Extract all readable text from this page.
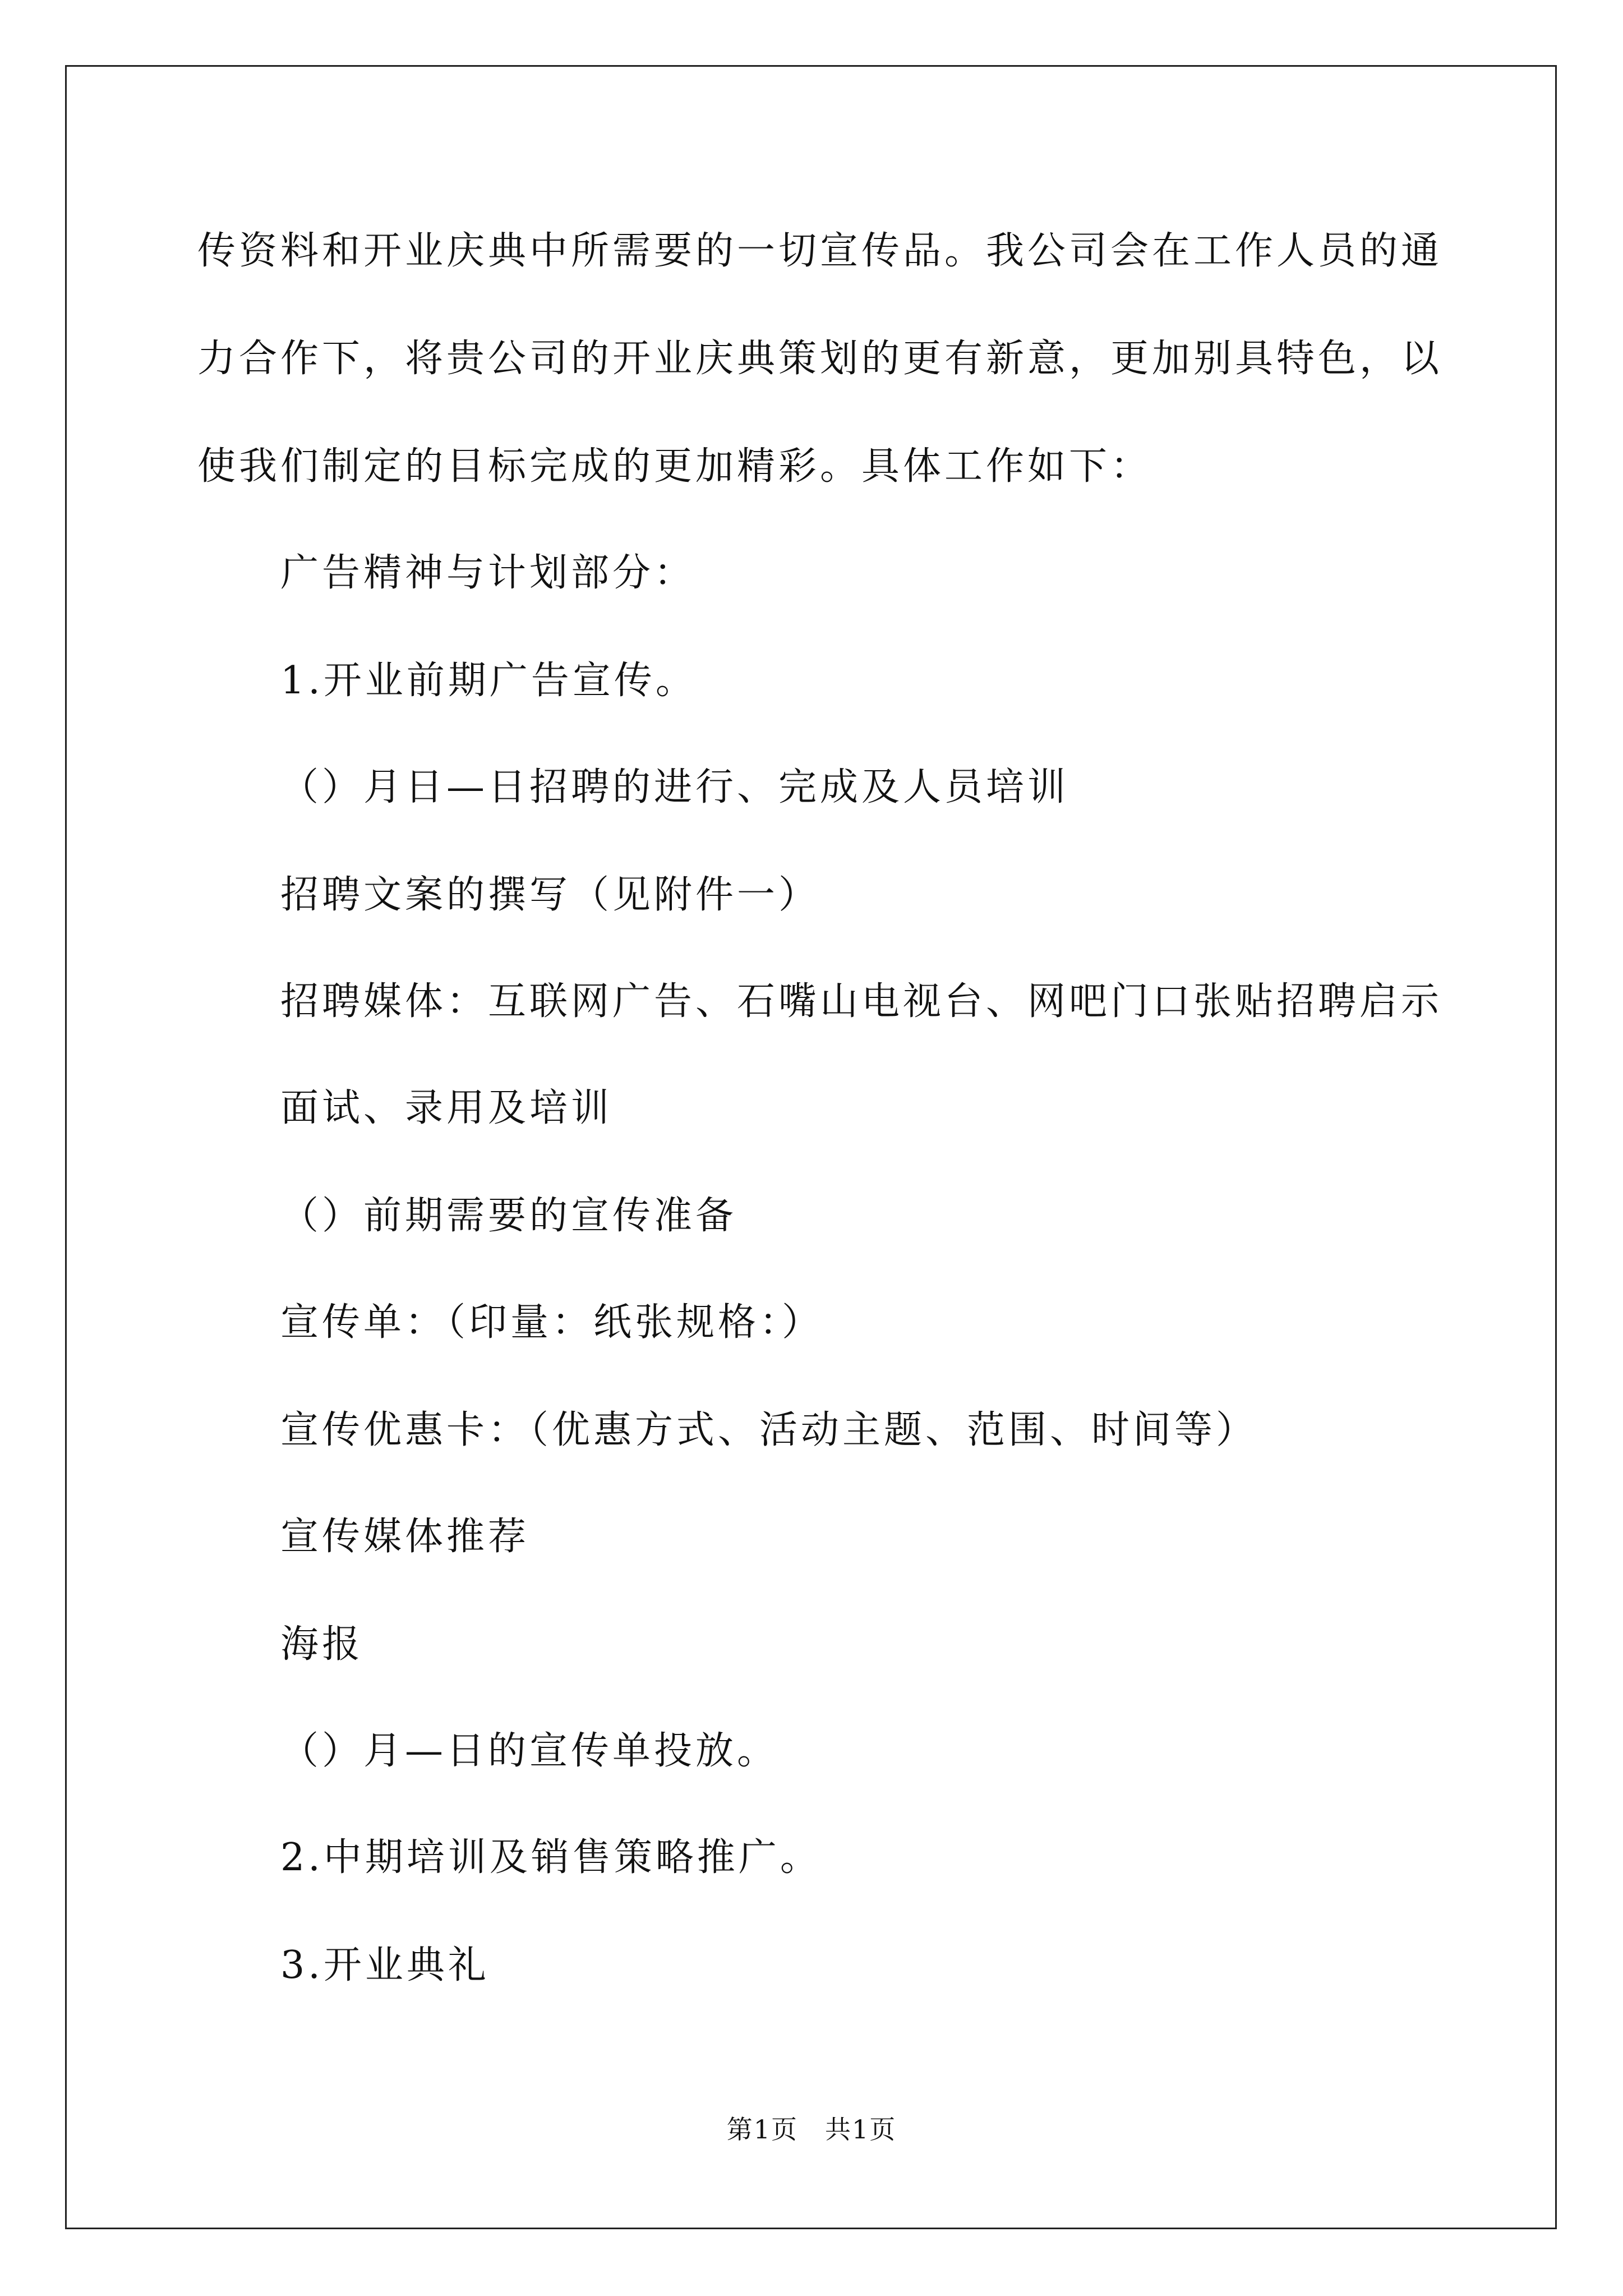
传资料和开业庆典中所需要的一切宣传品。我公司会在工作人员的通
力合作下，将贵公司的开业庆典策划的更有新意，更加别具特色，以
使我们制定的目标完成的更加精彩。具体工作如下：
广告精神与计划部分：
1.开业前期广告宣传。
（）月日—日招聘的进行、完成及人员培训
招聘文案的撰写（见附件一）
招聘媒体：互联网广告、石嘴山电视台、网吧门口张贴招聘启示
面试、录用及培训
（）前期需要的宣传准备
宣传单：（印量：纸张规格：）
宣传优惠卡：（优惠方式、活动主题、范围、时间等）
宣传媒体推荐
海报
（）月—日的宣传单投放。
2.中期培训及销售策略推广。
3.开业典礼
第1页　共1页
